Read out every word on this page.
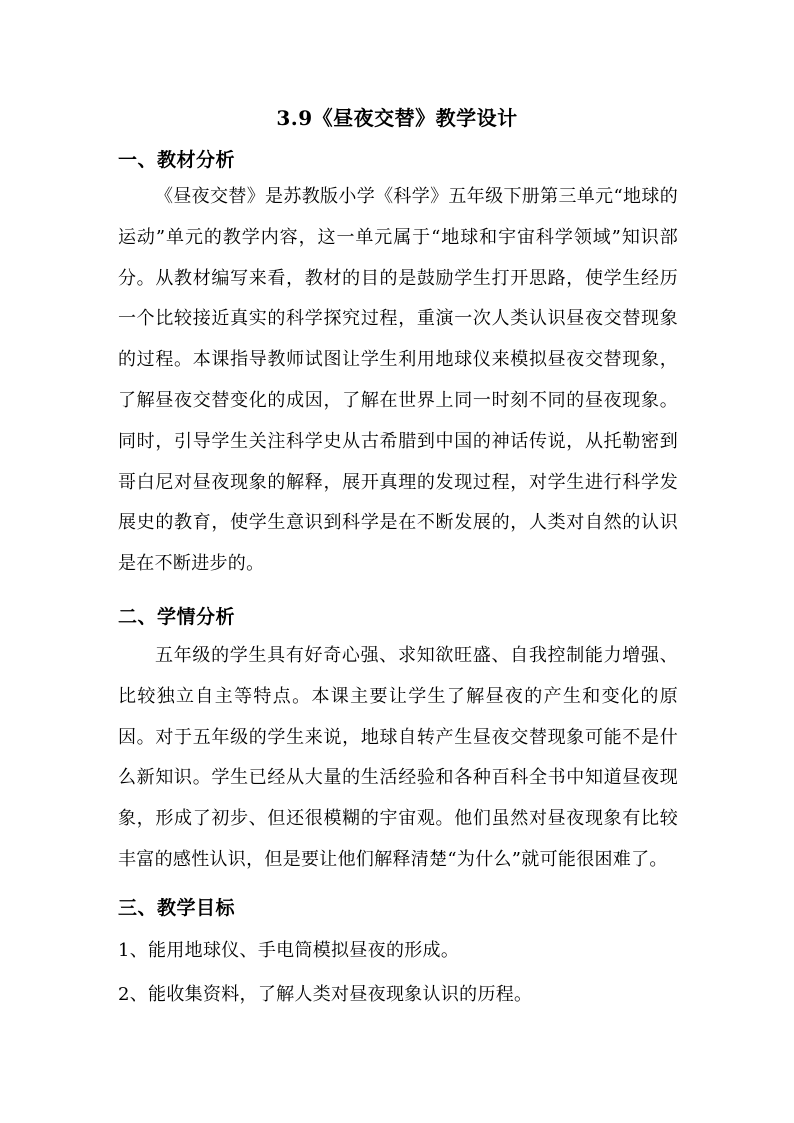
3.9《昼夜交替》教学设计
一、教材分析

《昼夜交替》是苏教版小学《科学》五年级下册第三单元“地球的运动”单元的教学内容，这一单元属于“地球和宇宙科学领域”知识部分。从教材编写来看，教材的目的是鼓励学生打开思路，使学生经历一个比较接近真实的科学探究过程，重演一次人类认识昼夜交替现象的过程。本课指导教师试图让学生利用地球仪来模拟昼夜交替现象，了解昼夜交替变化的成因，了解在世界上同一时刻不同的昼夜现象。同时，引导学生关注科学史从古希腊到中国的神话传说，从托勒密到哥白尼对昼夜现象的解释，展开真理的发现过程，对学生进行科学发展史的教育，使学生意识到科学是在不断发展的，人类对自然的认识是在不断进步的。

二、学情分析

五年级的学生具有好奇心强、求知欲旺盛、自我控制能力增强、比较独立自主等特点。本课主要让学生了解昼夜的产生和变化的原因。对于五年级的学生来说，地球自转产生昼夜交替现象可能不是什么新知识。学生已经从大量的生活经验和各种百科全书中知道昼夜现象，形成了初步、但还很模糊的宇宙观。他们虽然对昼夜现象有比较丰富的感性认识，但是要让他们解释清楚“为什么”就可能很困难了。

三、教学目标

1、能用地球仪、手电筒模拟昼夜的形成。

2、能收集资料，了解人类对昼夜现象认识的历程。
